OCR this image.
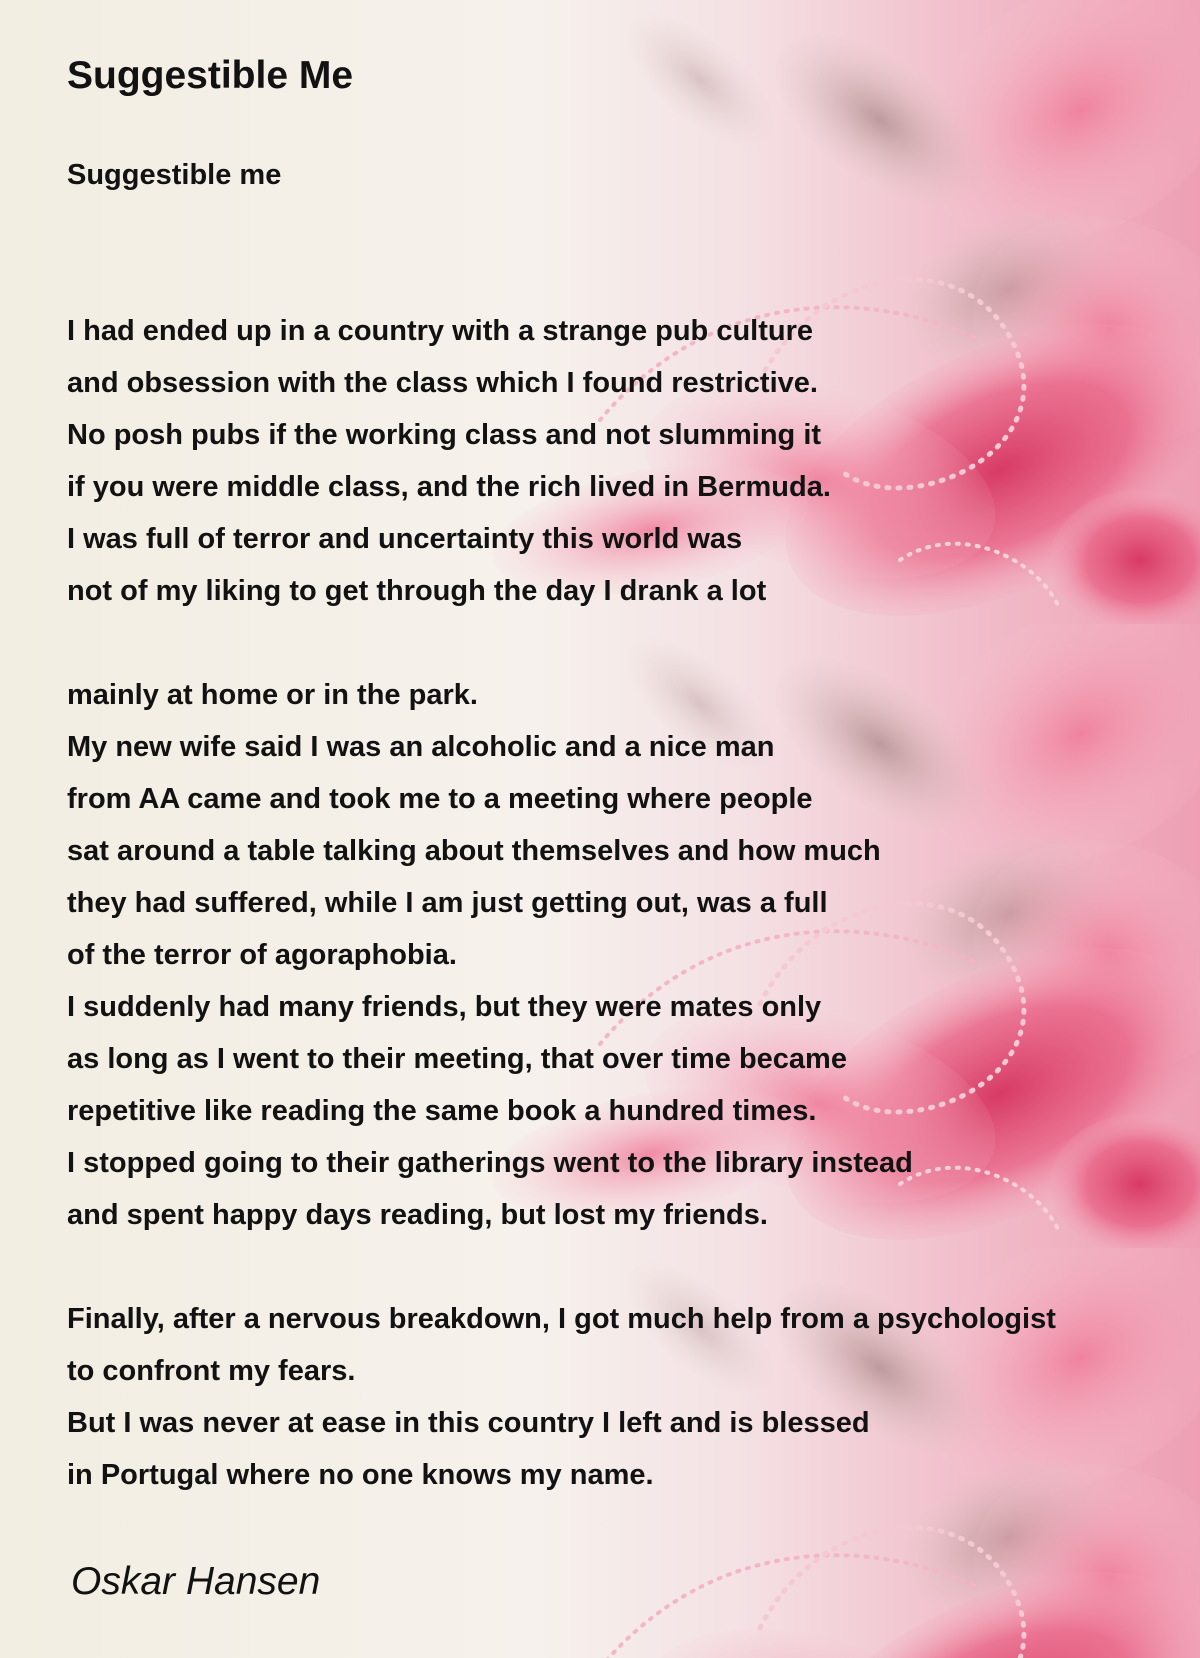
Suggestible Me
Suggestible me
I had ended up in a country with a strange pub culture
and obsession with the class which I found restrictive.
No posh pubs if the working class and not slumming it
if you were middle class, and the rich lived in Bermuda.
I was full of terror and uncertainty this world was
not of my liking to get through the day I drank a lot
mainly at home or in the park.
My new wife said I was an alcoholic and a nice man
from AA came and took me to a meeting where people
sat around a table talking about themselves and how much
they had suffered, while I am just getting out, was a full
of the terror of agoraphobia.
I suddenly had many friends, but they were mates only
as long as I went to their meeting, that over time became
repetitive like reading the same book a hundred times.
I stopped going to their gatherings went to the library instead
and spent happy days reading, but lost my friends.
Finally, after a nervous breakdown, I got much help from a psychologist
to confront my fears.
But I was never at ease in this country I left and is blessed
in Portugal where no one knows my name.
Oskar Hansen
